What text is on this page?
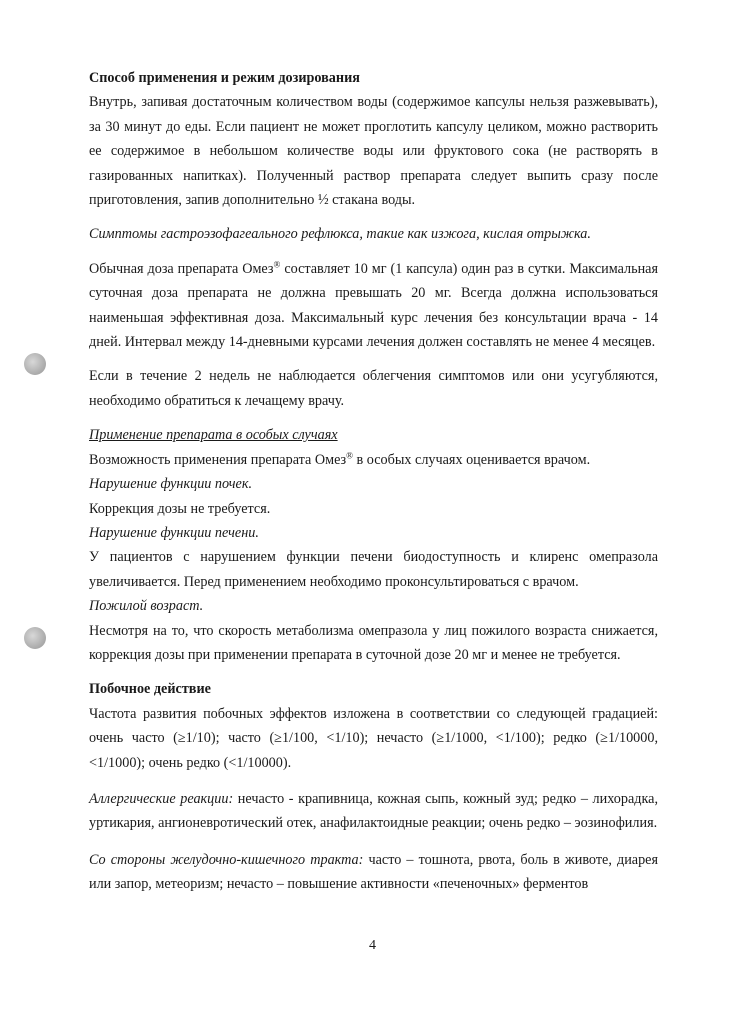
Способ применения и режим дозирования

Внутрь, запивая достаточным количеством воды (содержимое капсулы нельзя разжевывать), за 30 минут до еды. Если пациент не может проглотить капсулу целиком, можно растворить ее содержимое в небольшом количестве воды или фруктового сока (не растворять в газированных напитках). Полученный раствор препарата следует выпить сразу после приготовления, запив дополнительно ½ стакана воды.

Симптомы гастроэзофагеального рефлюкса, такие как изжога, кислая отрыжка.

Обычная доза препарата Омез® составляет 10 мг (1 капсула) один раз в сутки. Максимальная суточная доза препарата не должна превышать 20 мг. Всегда должна использоваться наименьшая эффективная доза. Максимальный курс лечения без консультации врача - 14 дней. Интервал между 14-дневными курсами лечения должен составлять не менее 4 месяцев.

Если в течение 2 недель не наблюдается облегчения симптомов или они усугубляются, необходимо обратиться к лечащему врачу.

Применение препарата в особых случаях

Возможность применения препарата Омез® в особых случаях оценивается врачом.

Нарушение функции почек.

Коррекция дозы не требуется.

Нарушение функции печени.

У пациентов с нарушением функции печени биодоступность и клиренс омепразола увеличивается. Перед применением необходимо проконсультироваться с врачом.

Пожилой возраст.

Несмотря на то, что скорость метаболизма омепразола у лиц пожилого возраста снижается, коррекция дозы при применении препарата в суточной дозе 20 мг и менее не требуется.

Побочное действие

Частота развития побочных эффектов изложена в соответствии со следующей градацией: очень часто (≥1/10); часто (≥1/100, <1/10); нечасто (≥1/1000, <1/100); редко (≥1/10000, <1/1000); очень редко (<1/10000).

Аллергические реакции: нечасто - крапивница, кожная сыпь, кожный зуд; редко – лихорадка, уртикария, ангионевротический отек, анафилактоидные реакции; очень редко – эозинофилия.

Со стороны желудочно-кишечного тракта: часто – тошнота, рвота, боль в животе, диарея или запор, метеоризм; нечасто – повышение активности «печеночных» ферментов

4
